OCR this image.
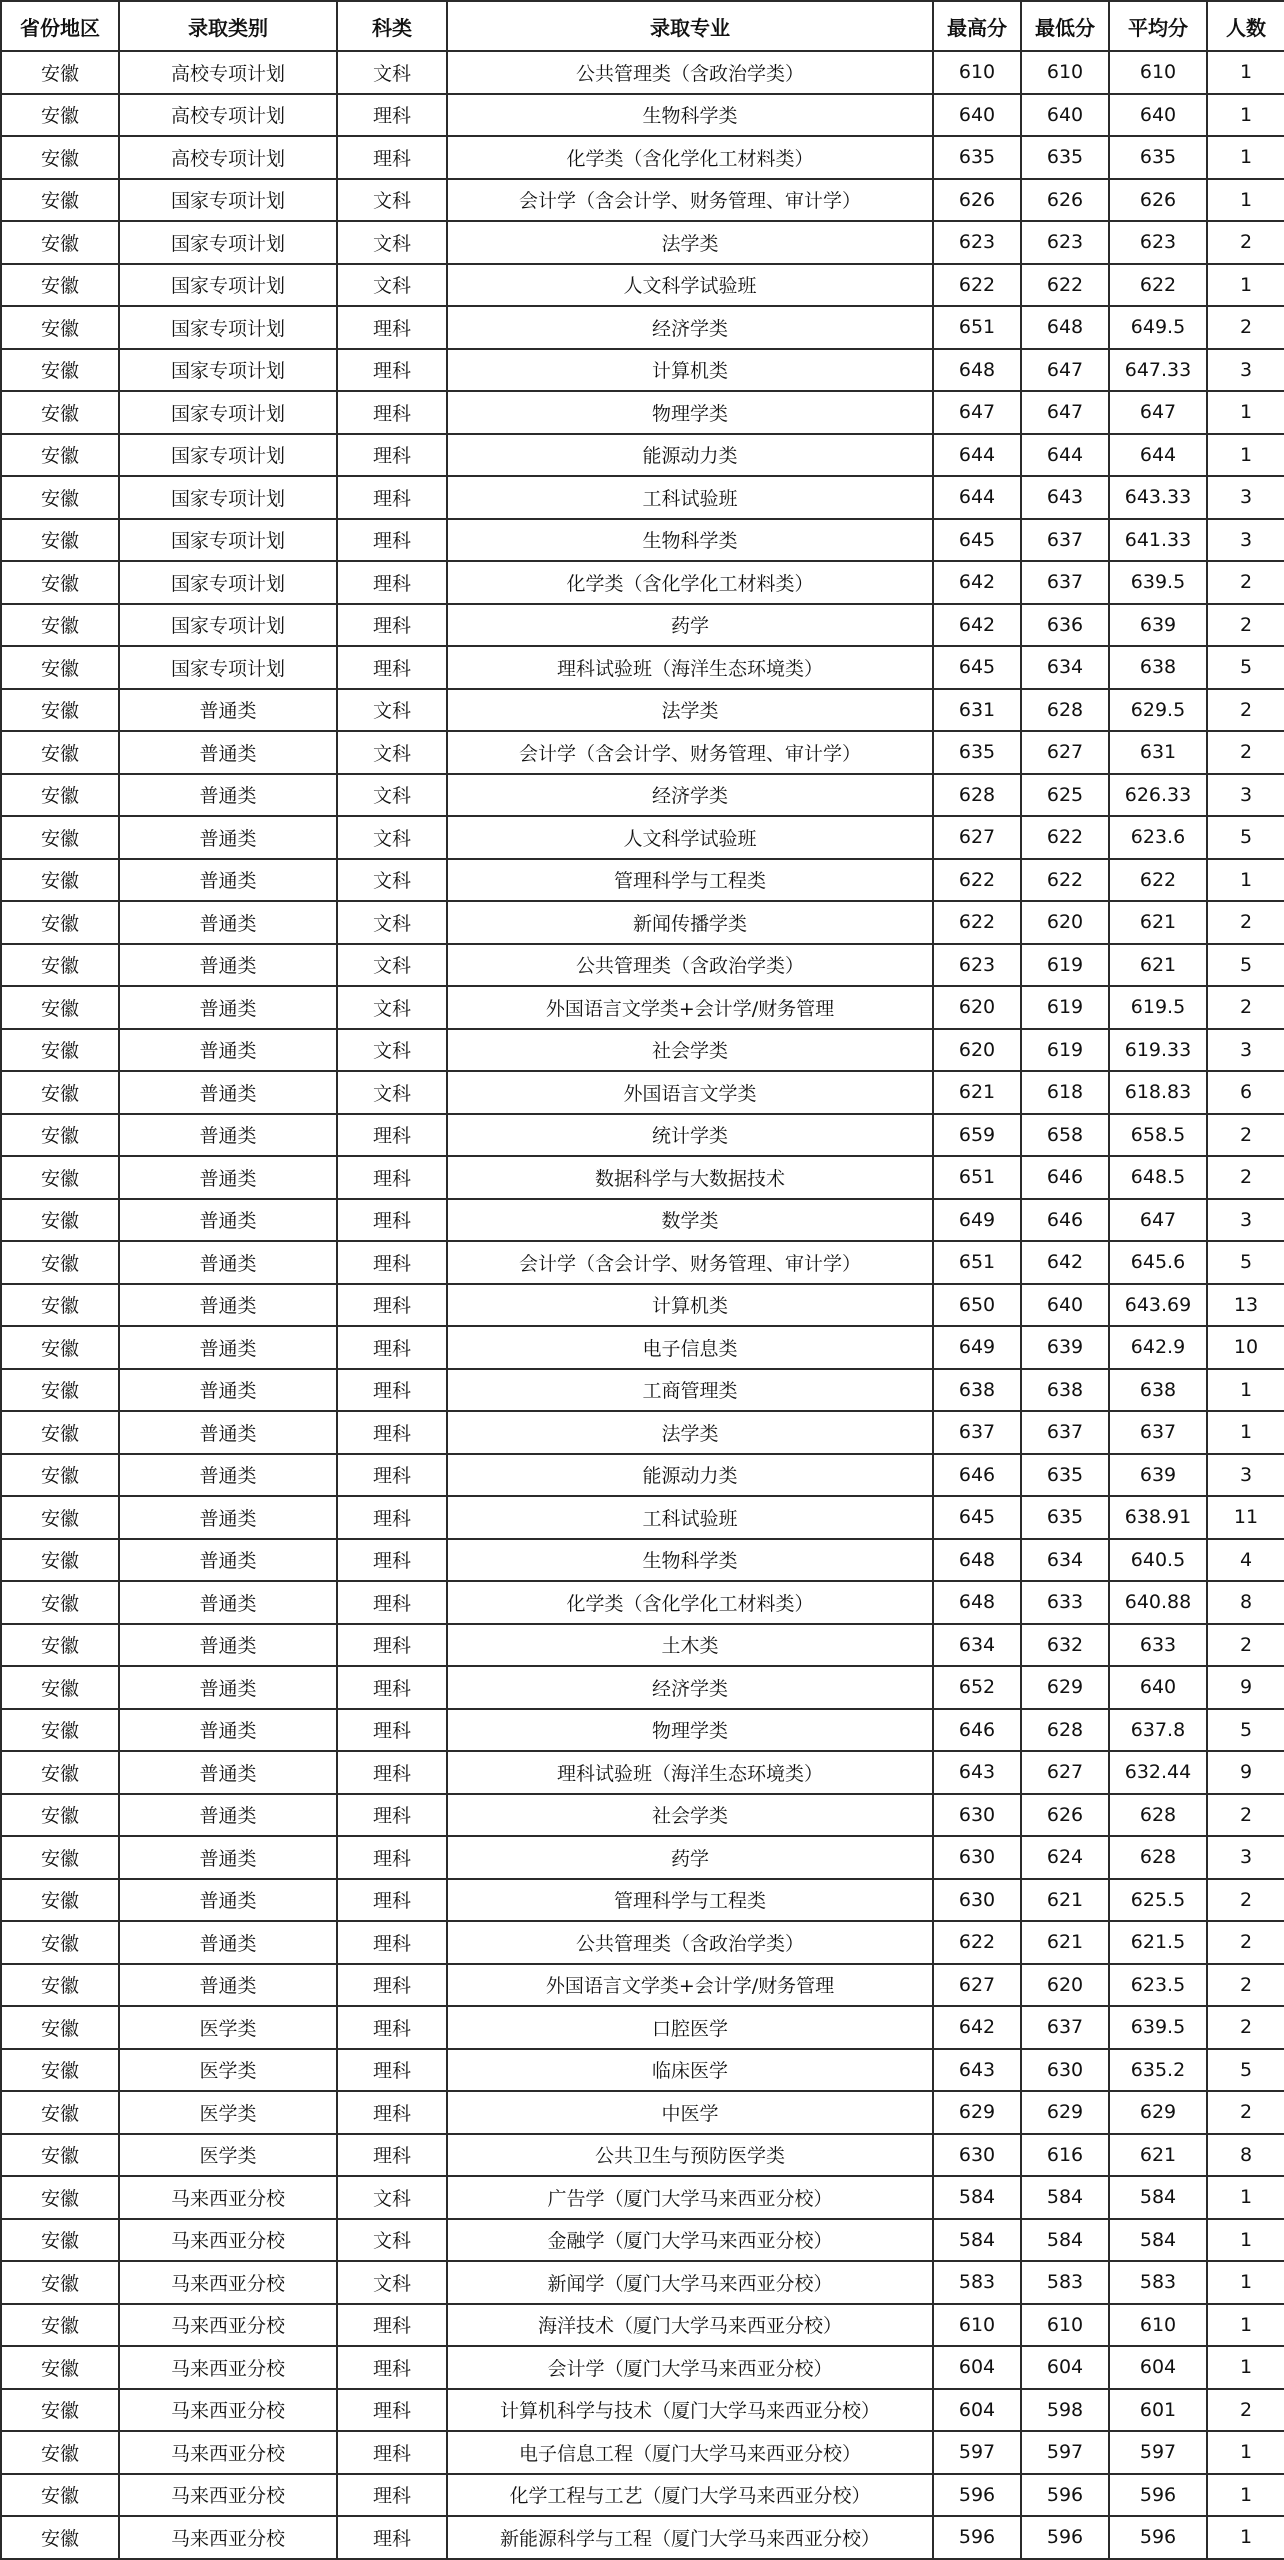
省份地区	录取类别	科类	录取专业	最高分	最低分	平均分	人数
安徽	高校专项计划	文科	公共管理类（含政治学类）	610	610	610	1
安徽	高校专项计划	理科	生物科学类	640	640	640	1
安徽	高校专项计划	理科	化学类（含化学化工材料类）	635	635	635	1
安徽	国家专项计划	文科	会计学（含会计学、财务管理、审计学）	626	626	626	1
安徽	国家专项计划	文科	法学类	623	623	623	2
安徽	国家专项计划	文科	人文科学试验班	622	622	622	1
安徽	国家专项计划	理科	经济学类	651	648	649.5	2
安徽	国家专项计划	理科	计算机类	648	647	647.33	3
安徽	国家专项计划	理科	物理学类	647	647	647	1
安徽	国家专项计划	理科	能源动力类	644	644	644	1
安徽	国家专项计划	理科	工科试验班	644	643	643.33	3
安徽	国家专项计划	理科	生物科学类	645	637	641.33	3
安徽	国家专项计划	理科	化学类（含化学化工材料类）	642	637	639.5	2
安徽	国家专项计划	理科	药学	642	636	639	2
安徽	国家专项计划	理科	理科试验班（海洋生态环境类）	645	634	638	5
安徽	普通类	文科	法学类	631	628	629.5	2
安徽	普通类	文科	会计学（含会计学、财务管理、审计学）	635	627	631	2
安徽	普通类	文科	经济学类	628	625	626.33	3
安徽	普通类	文科	人文科学试验班	627	622	623.6	5
安徽	普通类	文科	管理科学与工程类	622	622	622	1
安徽	普通类	文科	新闻传播学类	622	620	621	2
安徽	普通类	文科	公共管理类（含政治学类）	623	619	621	5
安徽	普通类	文科	外国语言文学类+会计学/财务管理	620	619	619.5	2
安徽	普通类	文科	社会学类	620	619	619.33	3
安徽	普通类	文科	外国语言文学类	621	618	618.83	6
安徽	普通类	理科	统计学类	659	658	658.5	2
安徽	普通类	理科	数据科学与大数据技术	651	646	648.5	2
安徽	普通类	理科	数学类	649	646	647	3
安徽	普通类	理科	会计学（含会计学、财务管理、审计学）	651	642	645.6	5
安徽	普通类	理科	计算机类	650	640	643.69	13
安徽	普通类	理科	电子信息类	649	639	642.9	10
安徽	普通类	理科	工商管理类	638	638	638	1
安徽	普通类	理科	法学类	637	637	637	1
安徽	普通类	理科	能源动力类	646	635	639	3
安徽	普通类	理科	工科试验班	645	635	638.91	11
安徽	普通类	理科	生物科学类	648	634	640.5	4
安徽	普通类	理科	化学类（含化学化工材料类）	648	633	640.88	8
安徽	普通类	理科	土木类	634	632	633	2
安徽	普通类	理科	经济学类	652	629	640	9
安徽	普通类	理科	物理学类	646	628	637.8	5
安徽	普通类	理科	理科试验班（海洋生态环境类）	643	627	632.44	9
安徽	普通类	理科	社会学类	630	626	628	2
安徽	普通类	理科	药学	630	624	628	3
安徽	普通类	理科	管理科学与工程类	630	621	625.5	2
安徽	普通类	理科	公共管理类（含政治学类）	622	621	621.5	2
安徽	普通类	理科	外国语言文学类+会计学/财务管理	627	620	623.5	2
安徽	医学类	理科	口腔医学	642	637	639.5	2
安徽	医学类	理科	临床医学	643	630	635.2	5
安徽	医学类	理科	中医学	629	629	629	2
安徽	医学类	理科	公共卫生与预防医学类	630	616	621	8
安徽	马来西亚分校	文科	广告学（厦门大学马来西亚分校）	584	584	584	1
安徽	马来西亚分校	文科	金融学（厦门大学马来西亚分校）	584	584	584	1
安徽	马来西亚分校	文科	新闻学（厦门大学马来西亚分校）	583	583	583	1
安徽	马来西亚分校	理科	海洋技术（厦门大学马来西亚分校）	610	610	610	1
安徽	马来西亚分校	理科	会计学（厦门大学马来西亚分校）	604	604	604	1
安徽	马来西亚分校	理科	计算机科学与技术（厦门大学马来西亚分校）	604	598	601	2
安徽	马来西亚分校	理科	电子信息工程（厦门大学马来西亚分校）	597	597	597	1
安徽	马来西亚分校	理科	化学工程与工艺（厦门大学马来西亚分校）	596	596	596	1
安徽	马来西亚分校	理科	新能源科学与工程（厦门大学马来西亚分校）	596	596	596	1
